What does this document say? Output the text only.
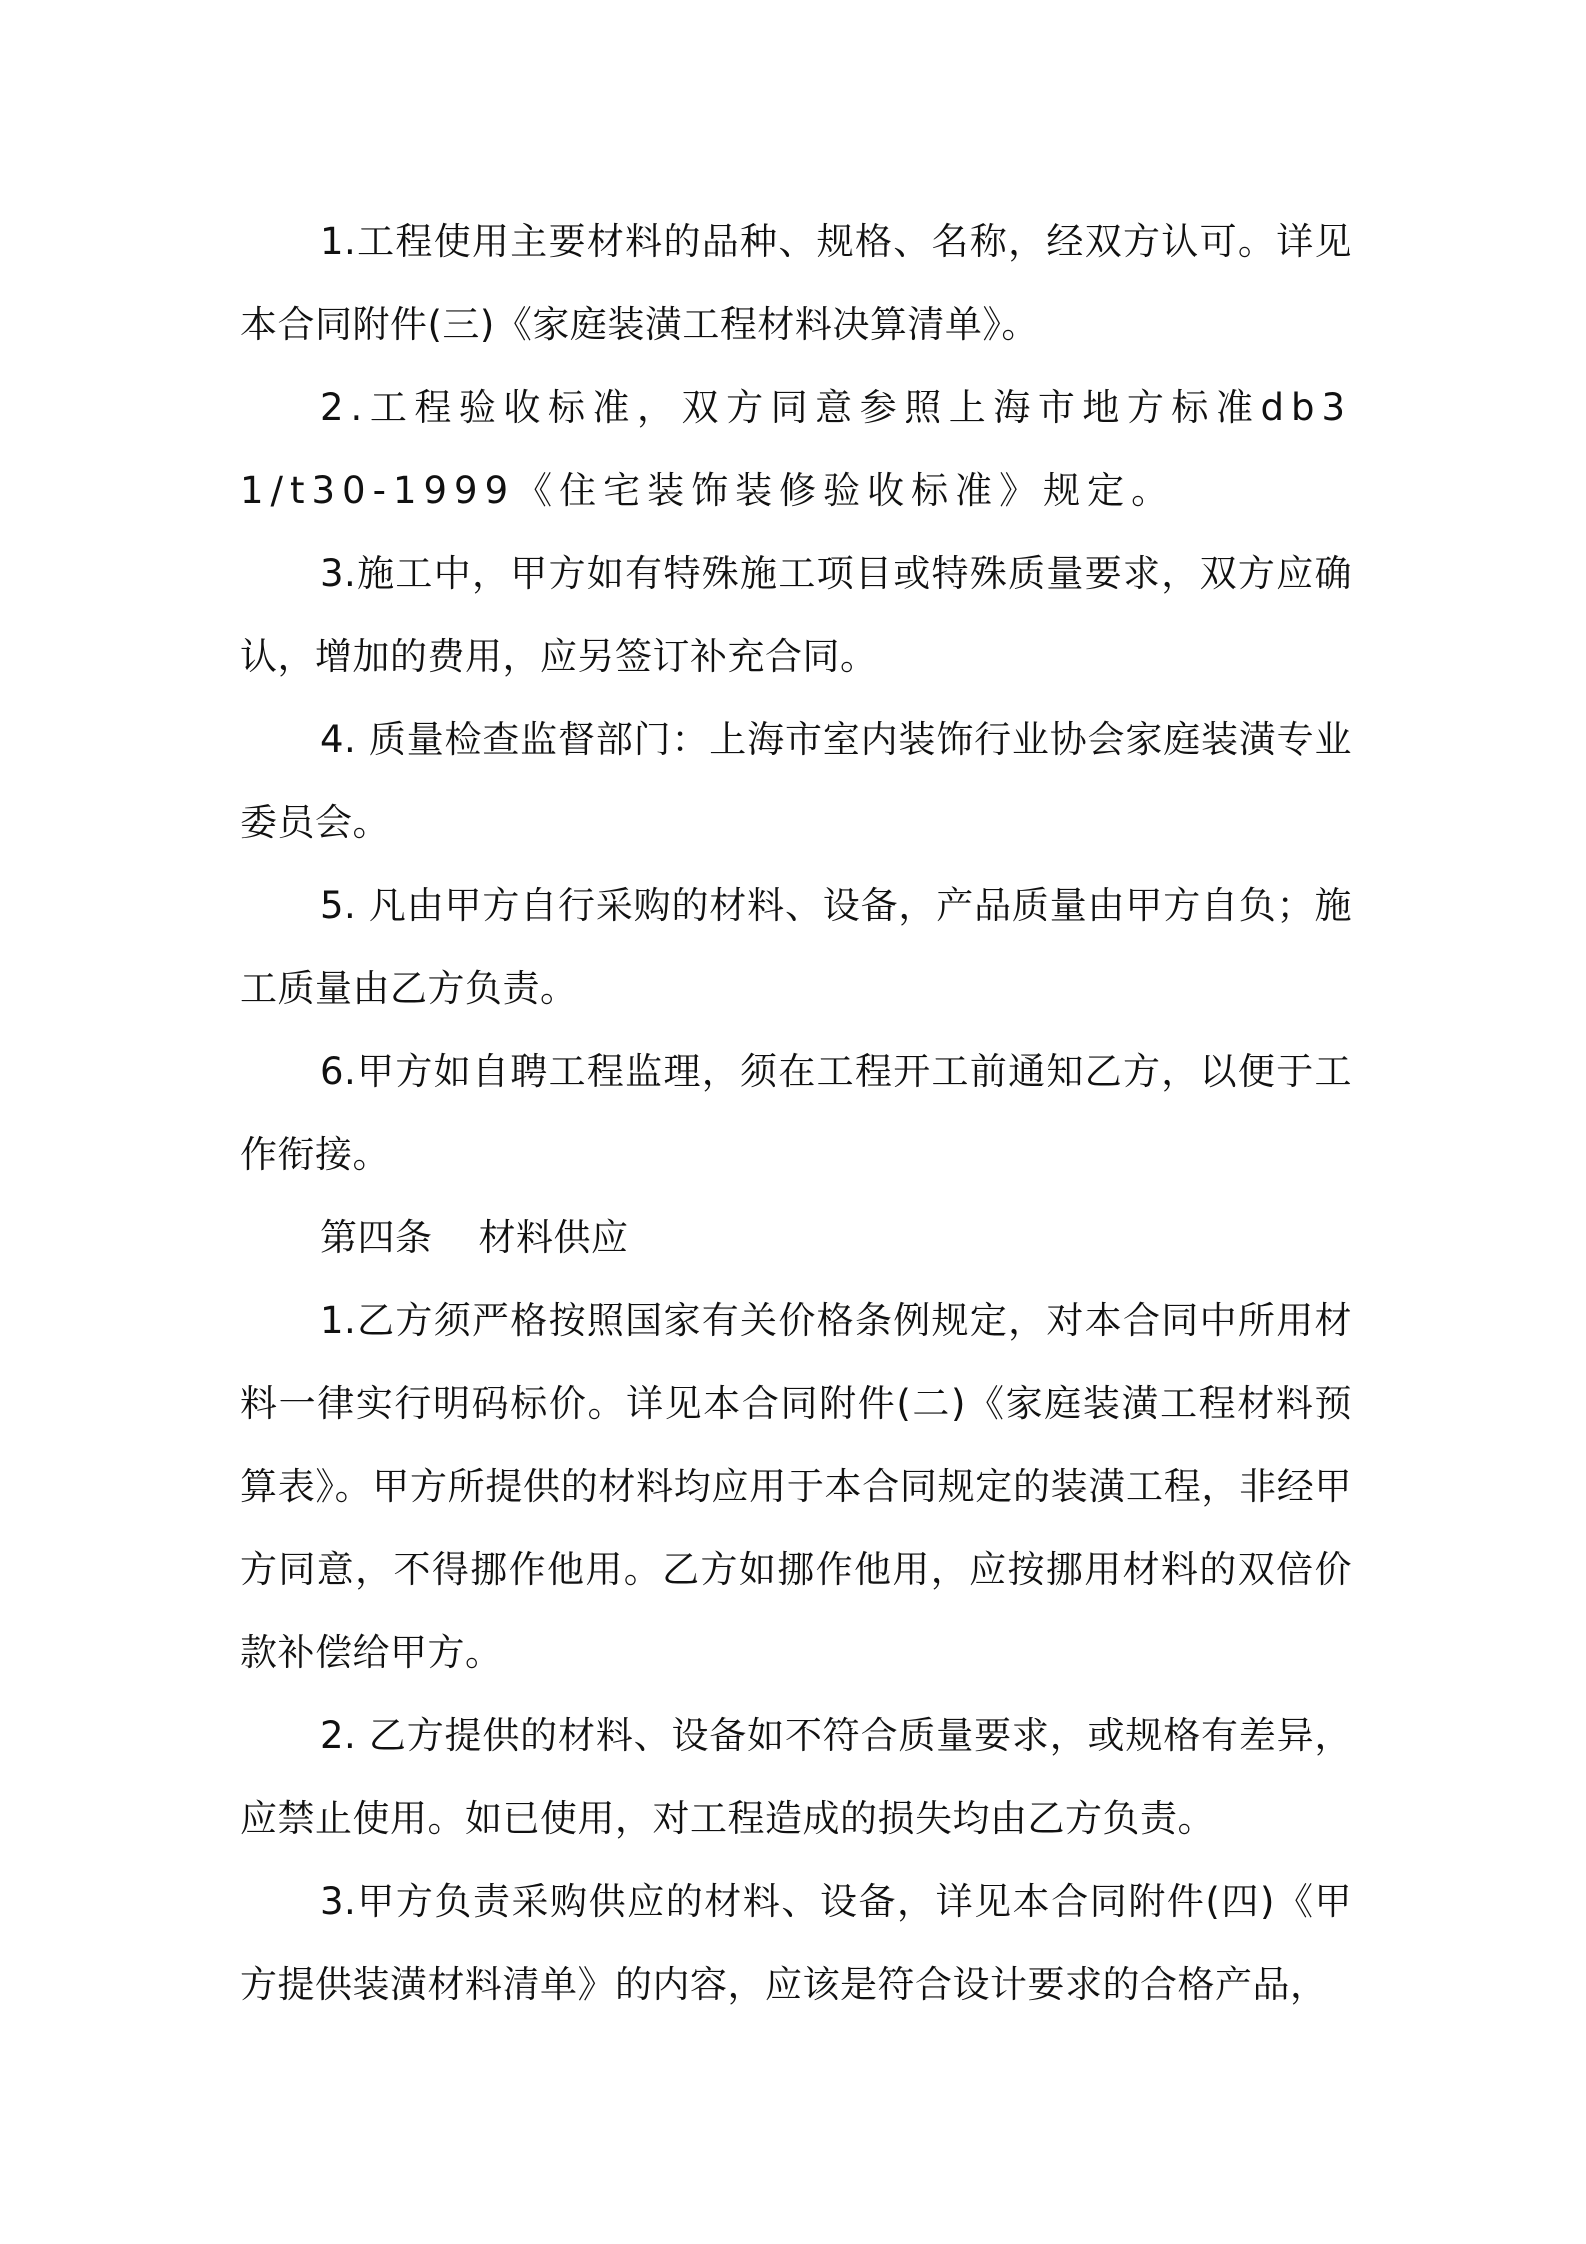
1.工程使用主要材料的品种、规格、名称，经双方认可。详见本合同附件(三)《家庭装潢工程材料决算清单》。

2.工程验收标准，双方同意参照上海市地方标准db31/t30-1999《住宅装饰装修验收标准》规定。

3.施工中，甲方如有特殊施工项目或特殊质量要求，双方应确认，增加的费用，应另签订补充合同。

4. 质量检查监督部门：上海市室内装饰行业协会家庭装潢专业委员会。

5. 凡由甲方自行采购的材料、设备，产品质量由甲方自负；施工质量由乙方负责。

6.甲方如自聘工程监理，须在工程开工前通知乙方，以便于工作衔接。

第四条 材料供应

1.乙方须严格按照国家有关价格条例规定，对本合同中所用材料一律实行明码标价。详见本合同附件(二)《家庭装潢工程材料预算表》。甲方所提供的材料均应用于本合同规定的装潢工程，非经甲方同意，不得挪作他用。乙方如挪作他用，应按挪用材料的双倍价款补偿给甲方。

2. 乙方提供的材料、设备如不符合质量要求，或规格有差异，应禁止使用。如已使用，对工程造成的损失均由乙方负责。

3.甲方负责采购供应的材料、设备，详见本合同附件(四)《甲方提供装潢材料清单》的内容，应该是符合设计要求的合格产品，
